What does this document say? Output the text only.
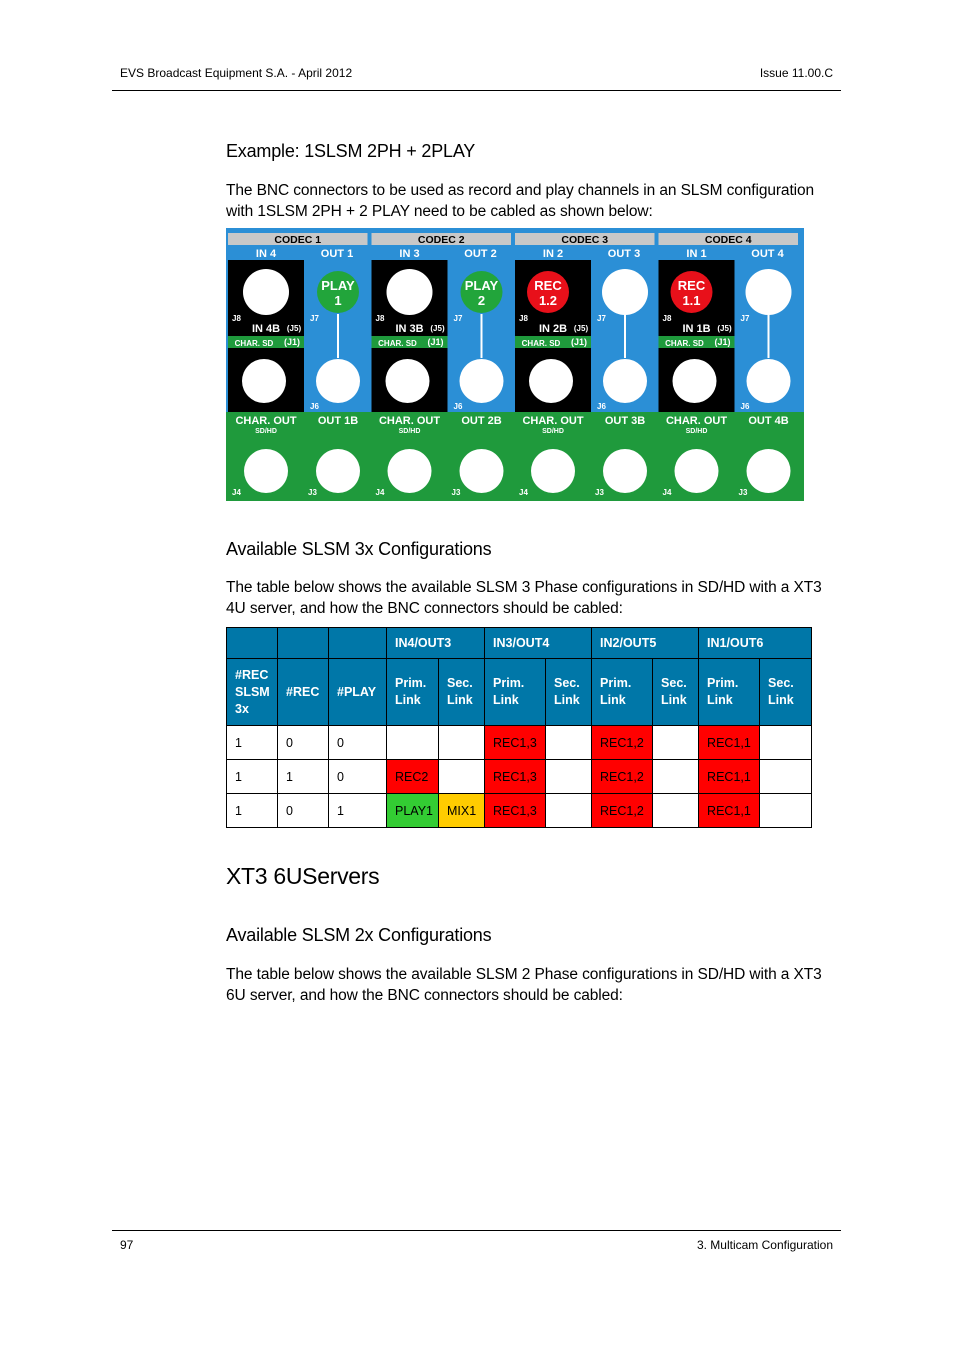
EVS Broadcast Equipment S.A. - April 2012	Issue 11.00.C
Example: 1SLSM 2PH + 2PLAY

The BNC connectors to be used as record and play channels in an SLSM configuration with 1SLSM 2PH + 2 PLAY need to be cabled as shown below:

CODEC 1
IN 4	OUT 1
PLAY
1
J8	J7
IN 4B (J5)
CHAR. SD (J1)
J6
CHAR. OUT
SD/HD
OUT 1B
J4	J3
CODEC 2
IN 3	OUT 2
PLAY
2
J8	J7
IN 3B (J5)
CHAR. SD (J1)
J6
CHAR. OUT
SD/HD
OUT 2B
J4	J3
CODEC 3
IN 2	OUT 3
REC
1.2
J8	J7
IN 2B (J5)
CHAR. SD (J1)
J6
CHAR. OUT
SD/HD
OUT 3B
J4	J3
CODEC 4
IN 1	OUT 4
REC
1.1
J8	J7
IN 1B (J5)
CHAR. SD (J1)
J6
CHAR. OUT
SD/HD
OUT 4B
J4	J3
Available SLSM 3x Configurations

The table below shows the available SLSM 3 Phase configurations in SD/HD with a XT3 4U server, and how the BNC connectors should be cabled:

			IN4/OUT3		IN3/OUT4		IN2/OUT5		IN1/OUT6	
#REC SLSM 3x	#REC	#PLAY	Prim. Link	Sec. Link	Prim. Link	Sec. Link	Prim. Link	Sec. Link	Prim. Link	Sec. Link
1	0	0			REC1,3		REC1,2		REC1,1	
1	1	0	REC2		REC1,3		REC1,2		REC1,1	
1	0	1	PLAY1	MIX1	REC1,3		REC1,2		REC1,1	
XT3 6UServers
Available SLSM 2x Configurations

The table below shows the available SLSM 2 Phase configurations in SD/HD with a XT3 6U server, and how the BNC connectors should be cabled:

97	3. Multicam Configuration
